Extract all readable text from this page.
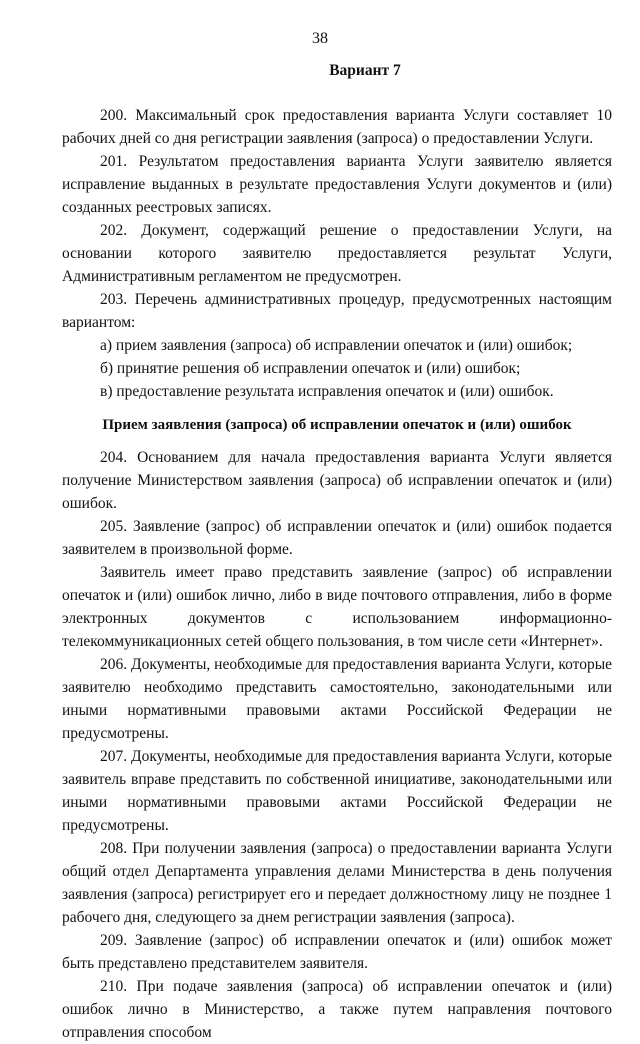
38
Вариант 7

200. Максимальный срок предоставления варианта Услуги составляет 10 рабочих дней со дня регистрации заявления (запроса) о предоставлении Услуги.

201. Результатом предоставления варианта Услуги заявителю является исправление выданных в результате предоставления Услуги документов и (или) созданных реестровых записях.

202. Документ, содержащий решение о предоставлении Услуги, на основании которого заявителю предоставляется результат Услуги, Административным регламентом не предусмотрен.

203. Перечень административных процедур, предусмотренных настоящим вариантом:

а) прием заявления (запроса) об исправлении опечаток и (или) ошибок;

б) принятие решения об исправлении опечаток и (или) ошибок;

в) предоставление результата исправления опечаток и (или) ошибок.

Прием заявления (запроса) об исправлении опечаток и (или) ошибок

204. Основанием для начала предоставления варианта Услуги является получение Министерством заявления (запроса) об исправлении опечаток и (или) ошибок.

205. Заявление (запрос) об исправлении опечаток и (или) ошибок подается заявителем в произвольной форме.

Заявитель имеет право представить заявление (запрос) об исправлении опечаток и (или) ошибок лично, либо в виде почтового отправления, либо в форме электронных документов с использованием информационно-телекоммуникационных сетей общего пользования, в том числе сети «Интернет».

206. Документы, необходимые для предоставления варианта Услуги, которые заявителю необходимо представить самостоятельно, законодательными или иными нормативными правовыми актами Российской Федерации не предусмотрены.

207. Документы, необходимые для предоставления варианта Услуги, которые заявитель вправе представить по собственной инициативе, законодательными или иными нормативными правовыми актами Российской Федерации не предусмотрены.

208. При получении заявления (запроса) о предоставлении варианта Услуги общий отдел Департамента управления делами Министерства в день получения заявления (запроса) регистрирует его и передает должностному лицу не позднее 1 рабочего дня, следующего за днем регистрации заявления (запроса).

209. Заявление (запрос) об исправлении опечаток и (или) ошибок может быть представлено представителем заявителя.

210. При подаче заявления (запроса) об исправлении опечаток и (или) ошибок лично в Министерство, а также путем направления почтового отправления способом
